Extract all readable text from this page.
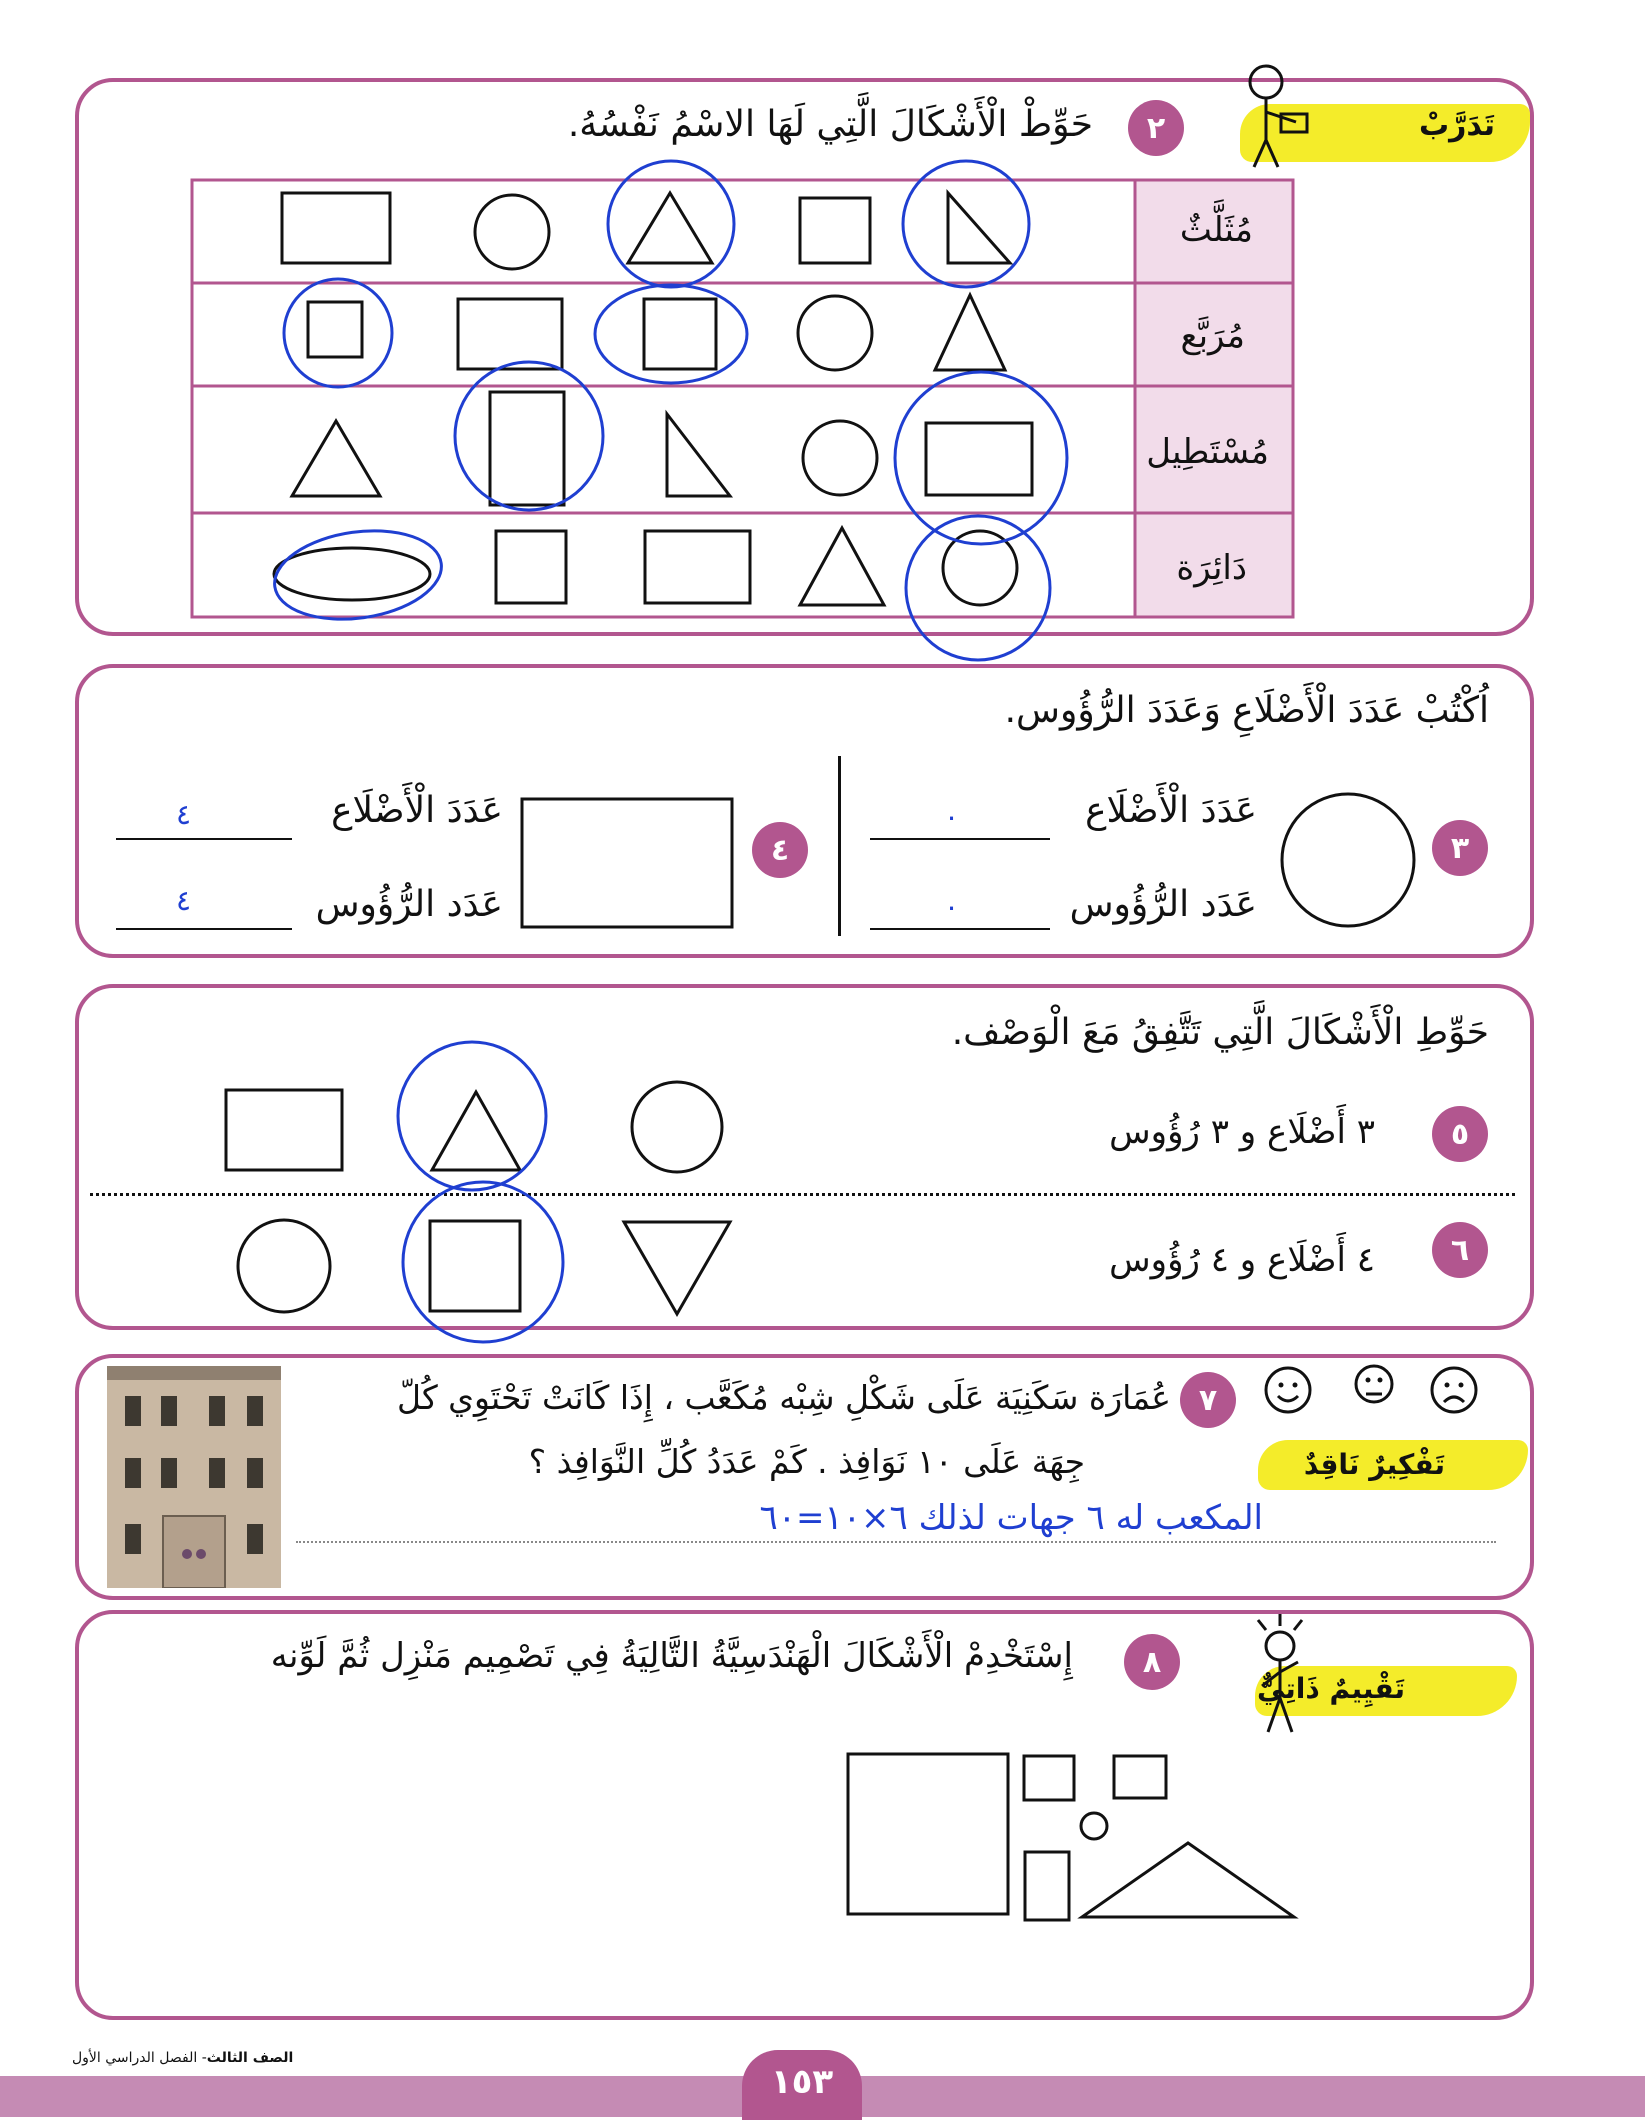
تَدَرَّبْ
٢
حَوِّطْ الْأَشْكَالَ الَّتِي لَهَا الاسْمُ نَفْسُهُ.
مُثَلَّثٌ
مُرَبَّع
مُسْتَطِيل
دَائِرَة
اُكْتُبْ عَدَدَ الْأَضْلَاعِ وَعَدَدَ الرُّؤُوس.
٣
عَدَدَ الْأَضْلَاع
عَدَد الرُّؤُوس
٠
٠
٤
عَدَدَ الْأَضْلَاع
عَدَد الرُّؤُوس
٤
٤
حَوِّطِ الْأَشْكَالَ الَّتِي تَتَّفِقُ مَعَ الْوَصْف.
٥
٣ أَضْلَاع و ٣ رُؤُوس
٦
٤ أَضْلَاع و ٤ رُؤُوس
تَفْكِيرٌ نَاقِدٌ
٧
عُمَارَة سَكَنِيَة عَلَى شَكْلِ شِبْه مُكَعَّب ، إِذَا كَانَتْ تَحْتَوِي كُلّ
جِهَة عَلَى ١٠ نَوَافِذ . كَمْ عَدَدُ كُلِّ النَّوَافِذ ؟
المكعب له ٦ جهات لذلك ٦×١٠=٦٠
تَقْيِيمٌ ذَاتِيٌّ
٨
إِسْتَخْدِمْ الْأَشْكَالَ الْهَنْدَسِيَّةُ التَّالِيَةُ فِي تَصْمِيم مَنْزِل ثُمَّ لَوِّنه
١٥٣
الصف الثالث- الفصل الدراسي الأول
